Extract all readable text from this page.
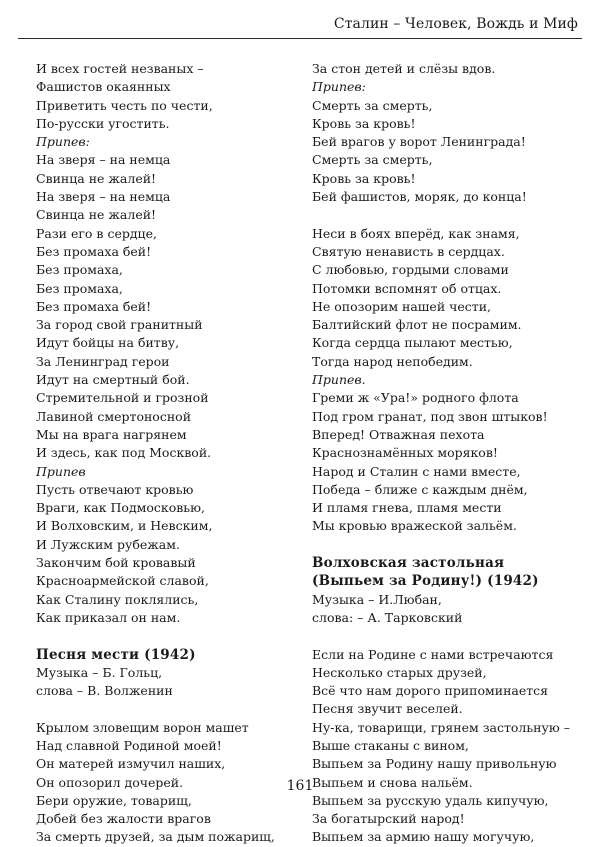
Сталин – Человек, Вождь и Миф
И всех гостей незваных –
Фашистов окаянных
Приветить честь по чести,
По-русски угостить.
Припев:
На зверя – на немца
Свинца не жалей!
На зверя – на немца
Свинца не жалей!
Рази его в сердце,
Без промаха бей!
Без промаха,
Без промаха,
Без промаха бей!
За город свой гранитный
Идут бойцы на битву,
За Ленинград герои
Идут на смертный бой.
Стремительной и грозной
Лавиной смертоносной
Мы на врага нагрянем
И здесь, как под Москвой.
Припев
Пусть отвечают кровью
Враги, как Подмосковью,
И Волховским, и Невским,
И Лужским рубежам.
Закончим бой кровавый
Красноармейской славой,
Как Сталину поклялись,
Как приказал он нам.
Песня мести (1942)
Музыка – Б. Гольц,
слова – В. Волженин
Крылом зловещим ворон машет
Над славной Родиной моей!
Он матерей измучил наших,
Он опозорил дочерей.
Бери оружие, товарищ,
Добей без жалости врагов
За смерть друзей, за дым пожарищ,
За стон детей и слёзы вдов.
Припев:
Смерть за смерть,
Кровь за кровь!
Бей врагов у ворот Ленинграда!
Смерть за смерть,
Кровь за кровь!
Бей фашистов, моряк, до конца!
Неси в боях вперёд, как знамя,
Святую ненависть в сердцах.
С любовью, гордыми словами
Потомки вспомнят об отцах.
Не опозорим нашей чести,
Балтийский флот не посрамим.
Когда сердца пылают местью,
Тогда народ непобедим.
Припев.
Греми ж «Ура!» родного флота
Под гром гранат, под звон штыков!
Вперед! Отважная пехота
Краснознамённых моряков!
Народ и Сталин с нами вместе,
Победа – ближе с каждым днём,
И пламя гнева, пламя мести
Мы кровью вражеской зальём.
Волховская застольная
(Выпьем за Родину!) (1942)
Музыка – И.Любан,
слова: – А. Тарковский
Если на Родине с нами встречаются
Несколько старых друзей,
Всё что нам дорого припоминается
Песня звучит веселей.
Ну-ка, товарищи, грянем застольную –
Выше стаканы с вином,
Выпьем за Родину нашу привольную
Выпьем и снова нальём.
Выпьем за русскую удаль кипучую,
За богатырский народ!
Выпьем за армию нашу могучую,
161
